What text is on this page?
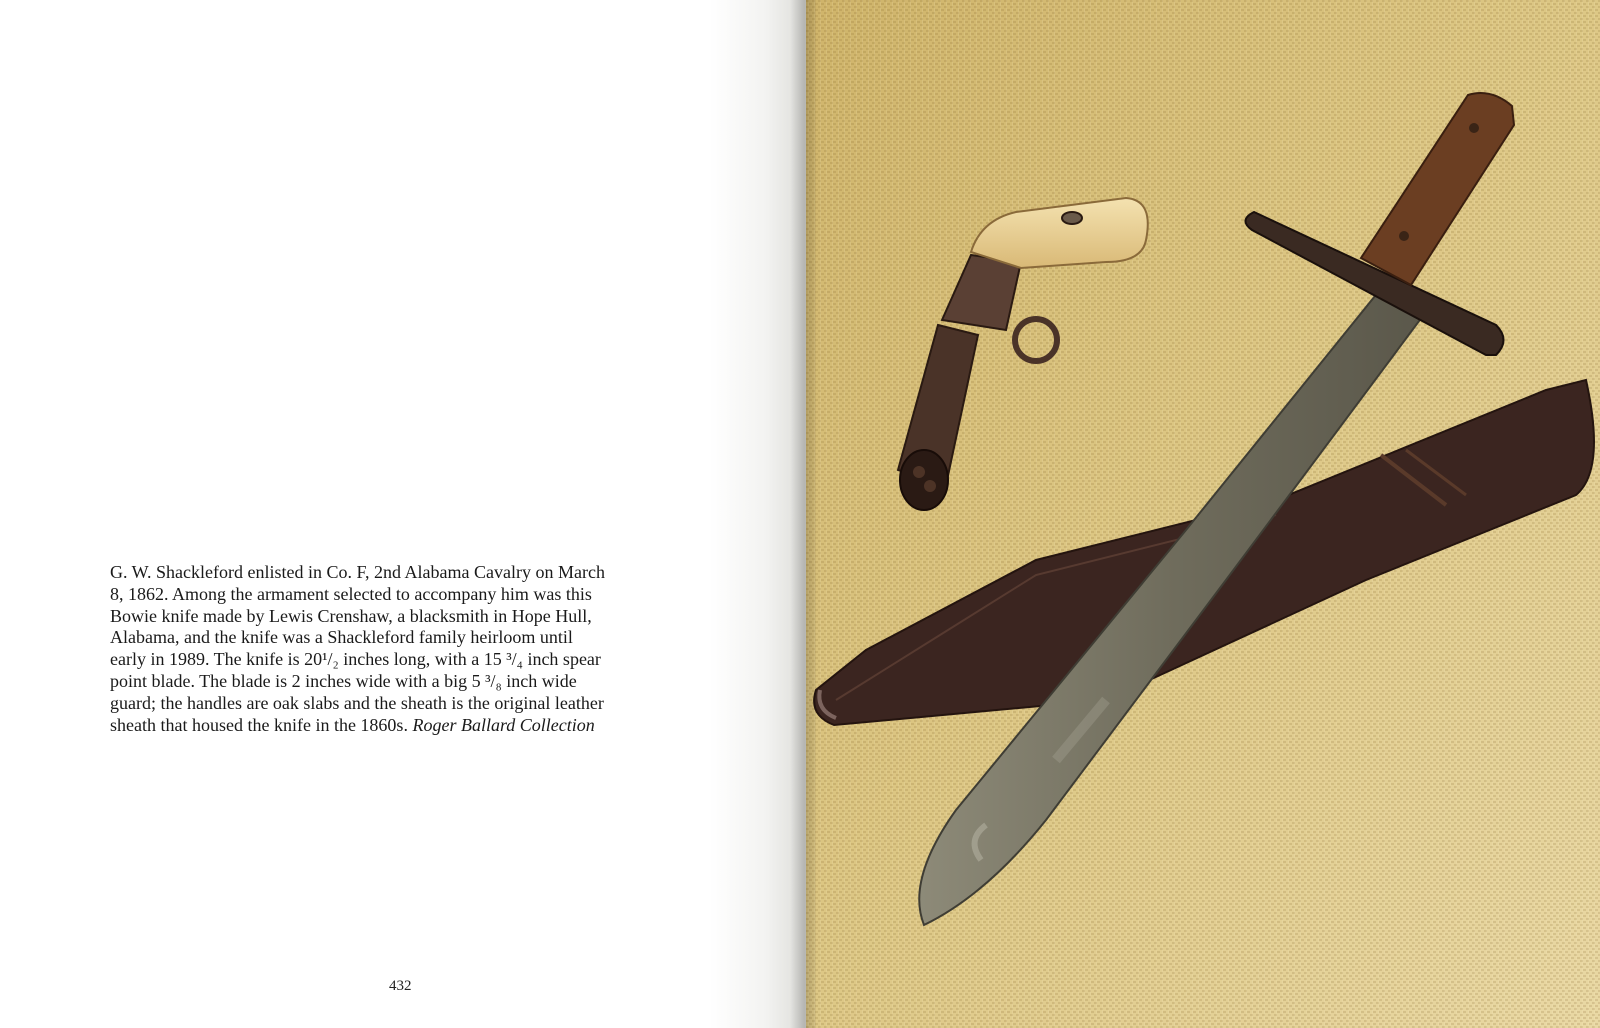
G. W. Shackleford enlisted in Co. F, 2nd Alabama Cavalry on March
8, 1862. Among the armament selected to accompany him was this
Bowie knife made by Lewis Crenshaw, a blacksmith in Hope Hull,
Alabama, and the knife was a Shackleford family heirloom until
early in 1989. The knife is 20¹/₂ inches long, with a 15 ³/₄ inch spear
point blade. The blade is 2 inches wide with a big 5 ³/₈ inch wide
guard; the handles are oak slabs and the sheath is the original leather
sheath that housed the knife in the 1860s. Roger Ballard Collection

432
